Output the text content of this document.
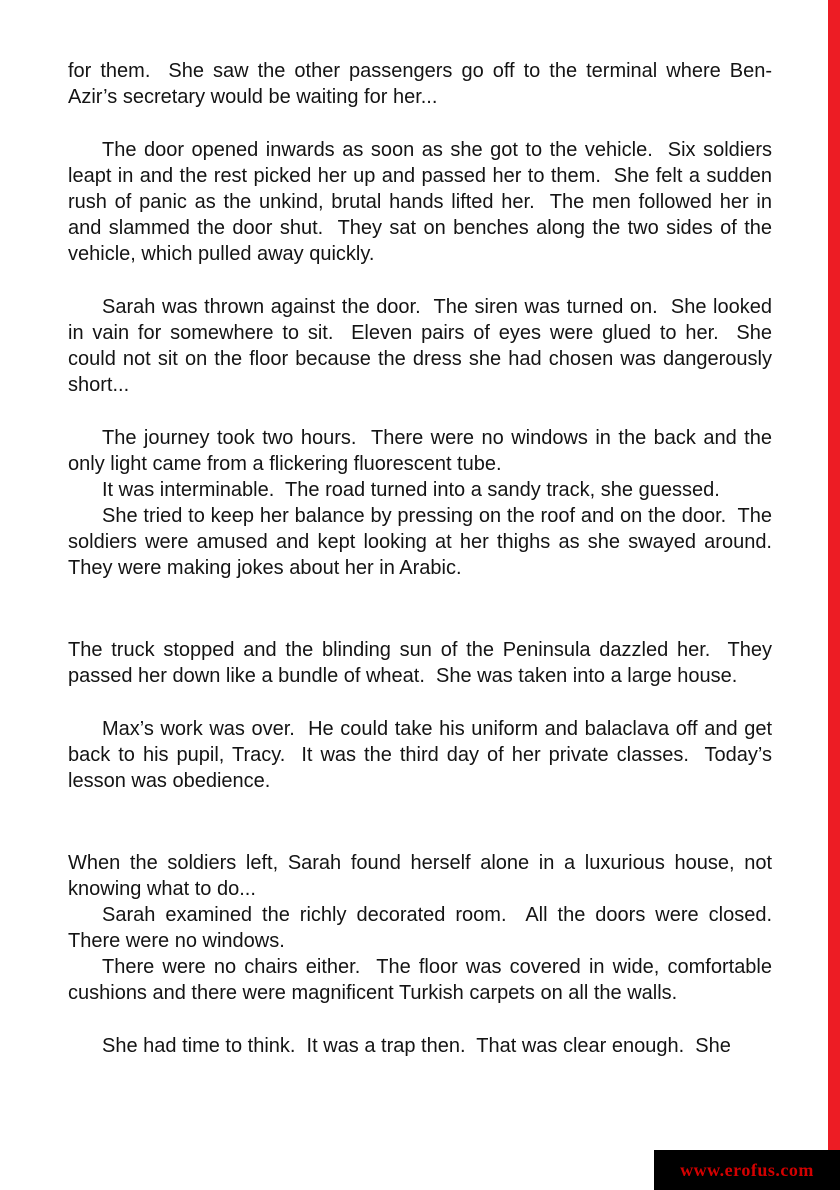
for them.  She saw the other passengers go off to the terminal where Ben-Azir’s secretary would be waiting for her...

The door opened inwards as soon as she got to the vehicle.  Six soldiers leapt in and the rest picked her up and passed her to them.  She felt a sudden rush of panic as the unkind, brutal hands lifted her.  The men followed her in and slammed the door shut.  They sat on benches along the two sides of the vehicle, which pulled away quickly.

Sarah was thrown against the door.  The siren was turned on.  She looked in vain for somewhere to sit.  Eleven pairs of eyes were glued to her.  She could not sit on the floor because the dress she had chosen was dangerously short...

The journey took two hours.  There were no windows in the back and the only light came from a flickering fluorescent tube.

It was interminable.  The road turned into a sandy track, she guessed.

She tried to keep her balance by pressing on the roof and on the door.  The soldiers were amused and kept looking at her thighs as she swayed around.  They were making jokes about her in Arabic.

The truck stopped and the blinding sun of the Peninsula dazzled her.  They passed her down like a bundle of wheat.  She was taken into a large house.

Max’s work was over.  He could take his uniform and balaclava off and get back to his pupil, Tracy.  It was the third day of her private classes.  Today’s lesson was obedience.

When the soldiers left, Sarah found herself alone in a luxurious house, not knowing what to do...

Sarah examined the richly decorated room.  All the doors were closed.  There were no windows.

There were no chairs either.  The floor was covered in wide, comfortable cushions and there were magnificent Turkish carpets on all the walls.

She had time to think.  It was a trap then.  That was clear enough.  She

www.erofus.com
